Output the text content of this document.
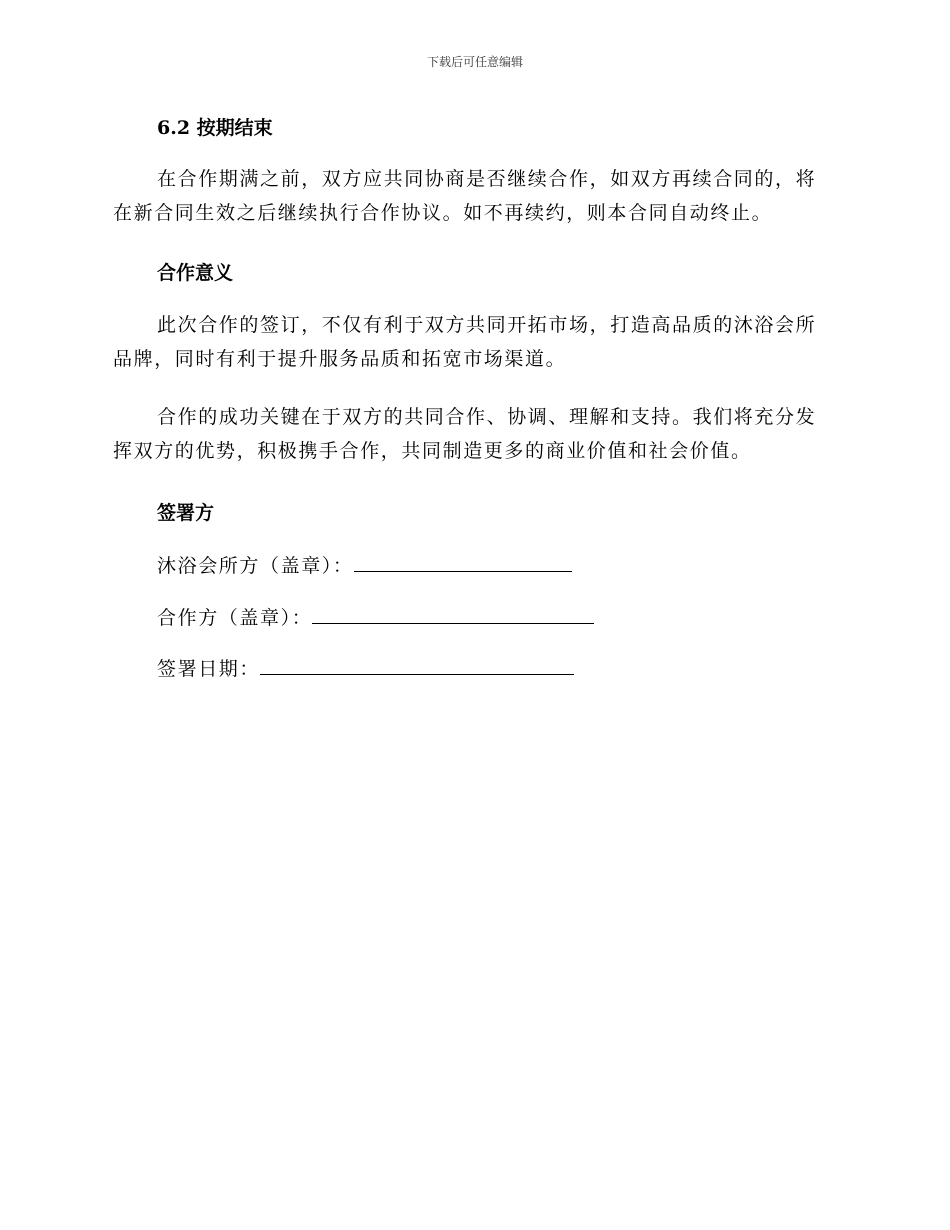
下载后可任意编辑
6.2 按期结束

在合作期满之前，双方应共同协商是否继续合作，如双方再续合同的，将在新合同生效之后继续执行合作协议。如不再续约，则本合同自动终止。

合作意义

此次合作的签订，不仅有利于双方共同开拓市场，打造高品质的沐浴会所品牌，同时有利于提升服务品质和拓宽市场渠道。

合作的成功关键在于双方的共同合作、协调、理解和支持。我们将充分发挥双方的优势，积极携手合作，共同制造更多的商业价值和社会价值。

签署方
沐浴会所方（盖章）：
合作方（盖章）：
签署日期：
